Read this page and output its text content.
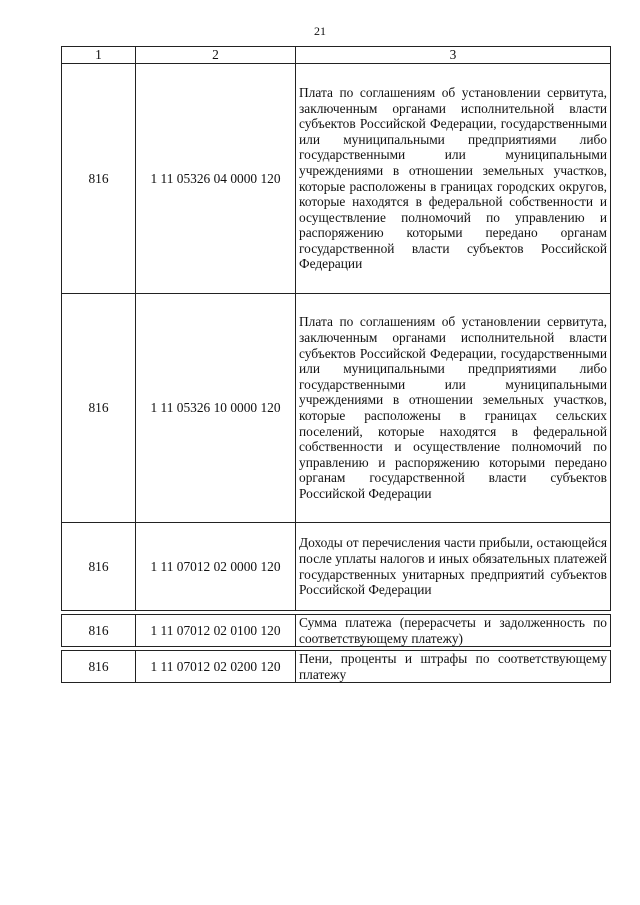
21
1	2	3
816	1 11 05326 04 0000 120	Плата по соглашениям об установлении сервитута, заключенным органами исполнительной власти субъектов Российской Федерации, государственными или муниципальными предприятиями либо государственными или муниципальными учреждениями в отношении земельных участков, которые расположены в границах городских округов, которые находятся в федеральной собственности и осуществление полномочий по управлению и распоряжению которыми передано органам государственной власти субъектов Российской Федерации
816	1 11 05326 10 0000 120	Плата по соглашениям об установлении сервитута, заключенным органами исполнительной власти субъектов Российской Федерации, государственными или муниципальными предприятиями либо государственными или муниципальными учреждениями в отношении земельных участков, которые расположены в границах сельских поселений, которые находятся в федеральной собственности и осуществление полномочий по управлению и распоряжению которыми передано органам государственной власти субъектов Российской Федерации
816	1 11 07012 02 0000 120	Доходы от перечисления части прибыли, остающейся после уплаты налогов и иных обязательных платежей государственных унитарных предприятий субъектов Российской Федерации

816	1 11 07012 02 0100 120	Сумма платежа (перерасчеты и задолженность по соответствующему платежу)

816	1 11 07012 02 0200 120	Пени, проценты и штрафы по соответствующему платежу
